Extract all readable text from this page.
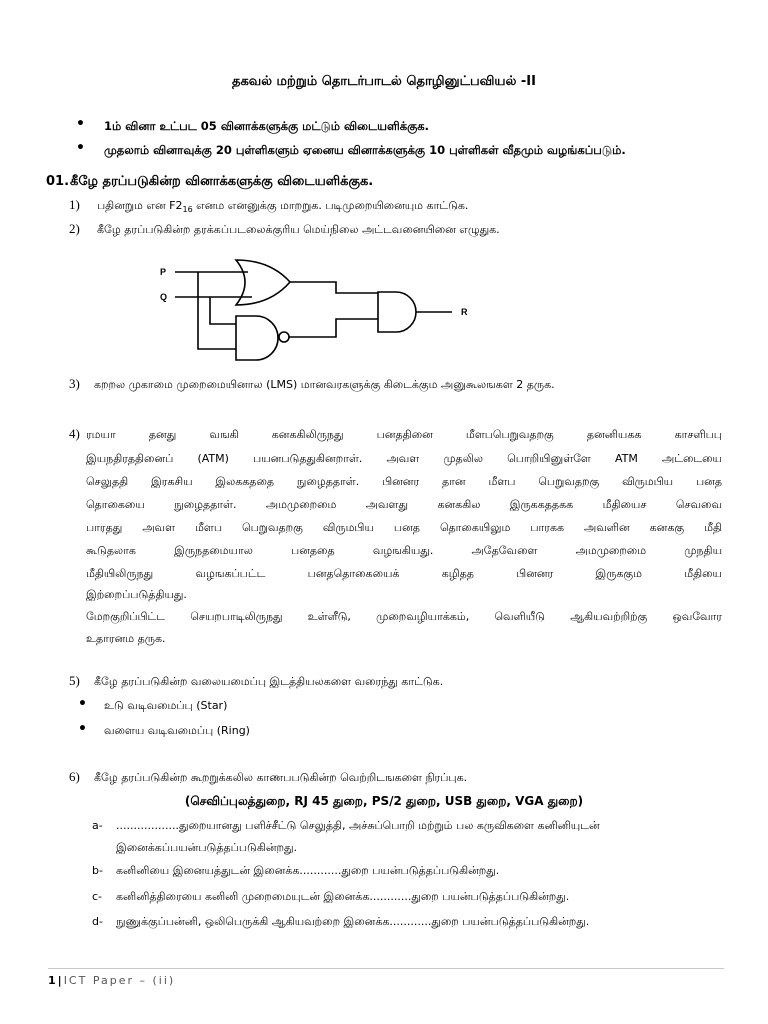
தகவல் மற்றும் தொடர்பாடல் தொழினுட்பவியல் -II
• 1ம் வினா உட்பட 05 வினாக்களுக்கு மட்டும் விடையளிக்குக.
• முதலாம் வினாவுக்கு 20 புள்ளிகளும் ஏனைய வினாக்களுக்கு 10 புள்ளிகள் வீதமும் வழங்கப்படும்.
01. கீழே தரப்படுகின்ற வினாக்களுக்கு விடையளிக்குக.
1) பதினறும என $F2_{16}$ எனம எனனுக்கு மாறறுக. படிமுறையினையும காட்டுக.
2) கீழே தரப்படுகின்ற தரக்கப்படலைக்குரிய மெய்நிலை அட்டவனையினை எழுதுக.
P
Q
R
3) கறறல முகாமை முறைமையினால (LMS) மானவரகளுக்கு கிடைக்கும அனுகூலஙகள 2 தருக.
4) ரமயா தனது வஙகி கனககிலிருநது பனததினை மீளபபெறுவதறகு தனனியகக காசளிபபு
இயநதிரததினைப் (ATM) பயனபடுததுகினறாள். அவள முதலில பொறியினுள்ளே ATM அட்டையை
செலுததி இரகசிய இலககததை நுழைததாள். பினனர தான மீளப பெறுவதறகு விருமபிய பனத
தொகையை நுழைததாள். அமமுறைமை அவளது கனககில இருககததகக மீதியைச செவவை
பாரதது அவள மீளப பெறுவதறகு விருமபிய பனத தொகையிலும பாரகக அவளின கனககு மீதி
கூடுதலாக இருநதமையால பனததை வழஙகியது. அதேவேளை அமமுறைமை முநதிய
மீதியிலிருநது வழஙகப்பட்ட பனததொகையைக் கழிதத பினனர இருககும மீதியை
இற்றைப்படுத்தியது.
மேறகுறிப்பிட்ட செயறபாடிலிருநது உள்ளீடு, முறைவழியாக்கம், வெளியீடு ஆகியவற்றிற்கு ஒவவோர
உதாரனம தருக.
5) கீழே தரப்படுகின்ற வலையமைப்பு இடத்தியலகளை வரைந்து காட்டுக.
• உடு வடிவமைப்பு (Star)
• வளைய வடிவமைப்பு (Ring)
6) கீழே தரப்படுகின்ற கூறறுக்கலில காணபபடுகின்ற வெற்றிடஙகளை நிரப்புக.
(செவிப்புலத்துறை, RJ 45 துறை, PS/2 துறை, USB துறை, VGA துறை)
a- ..................துறையானது பளிச்சீட்டு செலுத்தி, அச்சுப்பொறி மற்றும் பல கருவிகளை கனினியுடன்
இனைக்கப்பயன்படுத்தப்படுகின்றது.
b- கனினியை இனையத்துடன் இனைக்க............துறை பயன்படுத்தப்படுகின்றது.
c- கனினித்திரையை கனினி முறைமையுடன் இனைக்க............துறை பயன்படுத்தப்படுகின்றது.
d- நுணுக்குப்பன்னி, ஒலிபெருக்கி ஆகியவற்றை இனைக்க............துறை பயன்படுத்தப்படுகின்றது.
1|ICT Paper – (ii)
